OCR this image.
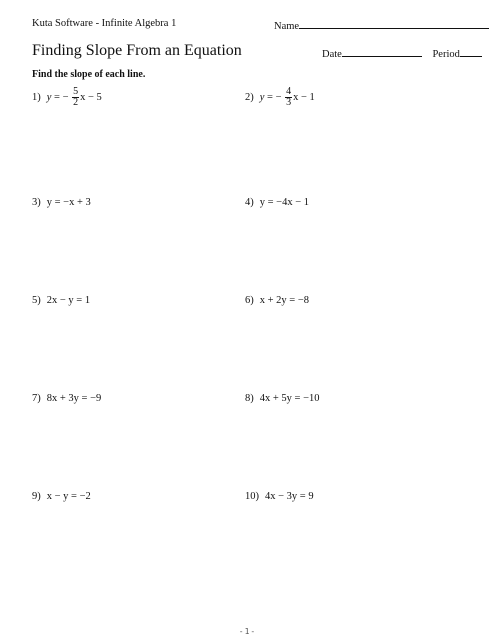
Kuta Software - Infinite Algebra 1	Name
Finding Slope From an Equation	Date	Period
Find the slope of each line.
1) y = − $\frac{5}{2}$ x − 5	2) y = − $\frac{4}{3}$ x − 1
3) y = −x + 3	4) y = −4x − 1
5) 2x − y = 1	6) x + 2y = −8
7) 8x + 3y = −9	8) 4x + 5y = −10
9) x − y = −2	10) 4x − 3y = 9
-1-
